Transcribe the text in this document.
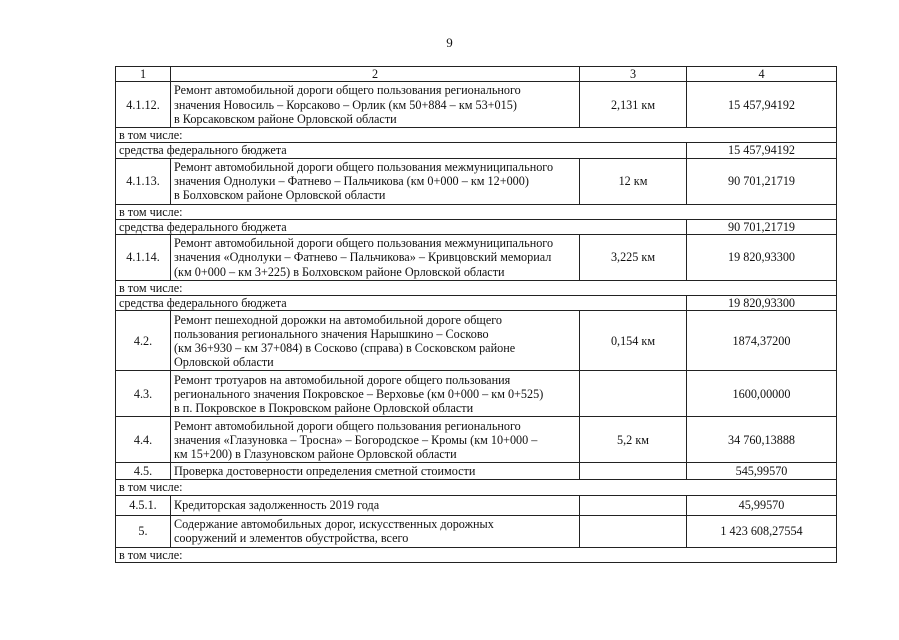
9
1	2	3	4
4.1.12.	Ремонт автомобильной дороги общего пользования регионального
значения Новосиль – Корсаково – Орлик (км 50+884 – км 53+015)
в Корсаковском районе Орловской области	2,131 км	15 457,94192
в том числе:			
средства федерального бюджета			15 457,94192
4.1.13.	Ремонт автомобильной дороги общего пользования межмуниципального
значения Однолуки – Фатнево – Пальчикова (км 0+000 – км 12+000)
в Болховском районе Орловской области	12 км	90 701,21719
в том числе:			
средства федерального бюджета			90 701,21719
4.1.14.	Ремонт автомобильной дороги общего пользования межмуниципального
значения «Однолуки – Фатнево – Пальчикова» – Кривцовский мемориал
(км 0+000 – км 3+225) в Болховском районе Орловской области	3,225 км	19 820,93300
в том числе:			
средства федерального бюджета			19 820,93300
4.2.	Ремонт пешеходной дорожки на автомобильной дороге общего
пользования регионального значения Нарышкино – Сосково
(км 36+930 – км 37+084) в Сосково (справа) в Сосковском районе
Орловской области	0,154 км	1874,37200
4.3.	Ремонт тротуаров на автомобильной дороге общего пользования
регионального значения Покровское – Верховье (км 0+000 – км 0+525)
в п. Покровское в Покровском районе Орловской области		1600,00000
4.4.	Ремонт автомобильной дороги общего пользования регионального
значения «Глазуновка – Тросна» – Богородское – Кромы (км 10+000 –
км 15+200) в Глазуновском районе Орловской области	5,2 км	34 760,13888
4.5.	Проверка достоверности определения сметной стоимости		545,99570
в том числе:			
4.5.1.	Кредиторская задолженность 2019 года		45,99570
5.	Содержание автомобильных дорог, искусственных дорожных
сооружений и элементов обустройства, всего		1 423 608,27554
в том числе:			
